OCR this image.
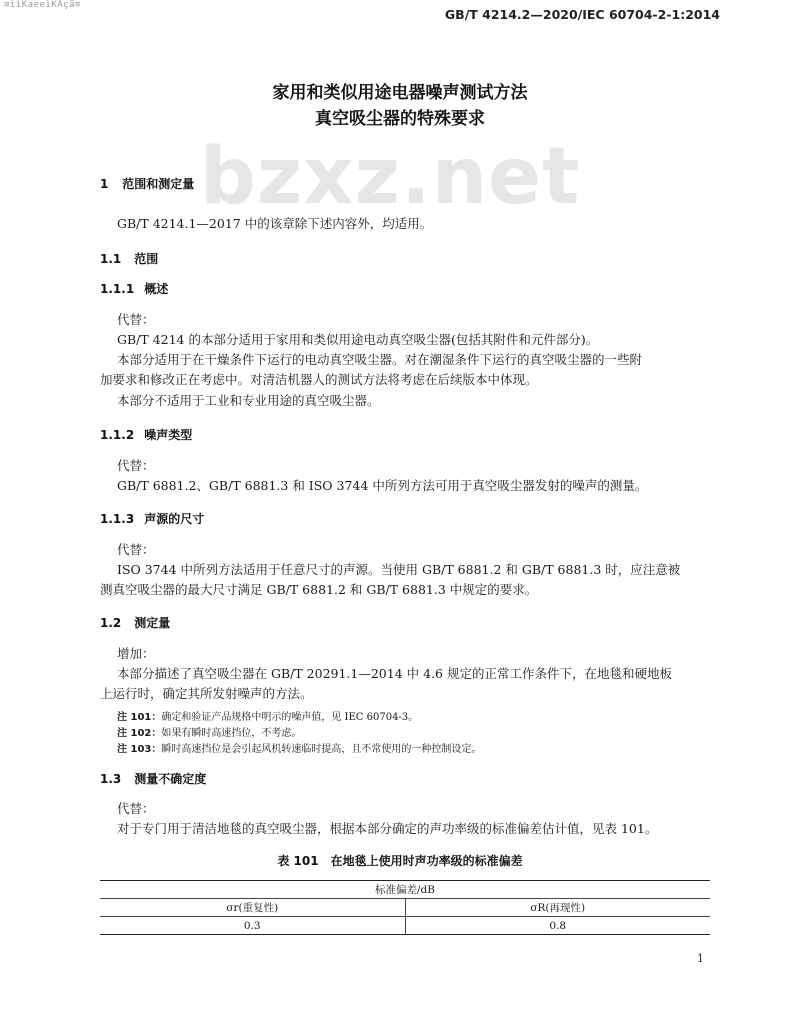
≡ììKaeeìKAçã≡
GB/T 4214.2—2020/IEC 60704-2-1:2014
bzxz.net
家用和类似用途电器噪声测试方法
真空吸尘器的特殊要求
1 范围和测定量
GB/T 4214.1—2017 中的该章除下述内容外，均适用。
1.1 范围
1.1.1 概述
代替：
GB/T 4214 的本部分适用于家用和类似用途电动真空吸尘器(包括其附件和元件部分)。
本部分适用于在干燥条件下运行的电动真空吸尘器。对在潮湿条件下运行的真空吸尘器的一些附
加要求和修改正在考虑中。对清洁机器人的测试方法将考虑在后续版本中体现。
本部分不适用于工业和专业用途的真空吸尘器。
1.1.2 噪声类型
代替：
GB/T 6881.2、GB/T 6881.3 和 ISO 3744 中所列方法可用于真空吸尘器发射的噪声的测量。
1.1.3 声源的尺寸
代替：
ISO 3744 中所列方法适用于任意尺寸的声源。当使用 GB/T 6881.2 和 GB/T 6881.3 时，应注意被
测真空吸尘器的最大尺寸满足 GB/T 6881.2 和 GB/T 6881.3 中规定的要求。
1.2 测定量
增加：
本部分描述了真空吸尘器在 GB/T 20291.1—2014 中 4.6 规定的正常工作条件下，在地毯和硬地板
上运行时，确定其所发射噪声的方法。
注 101：确定和验证产品规格中明示的噪声值，见 IEC 60704-3。
注 102：如果有瞬时高速挡位，不考虑。
注 103：瞬时高速挡位是会引起风机转速临时提高，且不常使用的一种控制设定。
1.3 测量不确定度
代替：
对于专门用于清洁地毯的真空吸尘器，根据本部分确定的声功率级的标准偏差估计值，见表 101。
表 101　在地毯上使用时声功率级的标准偏差
标准偏差/dB	
σr(重复性)	σR(再现性)
0.3	0.8
1
